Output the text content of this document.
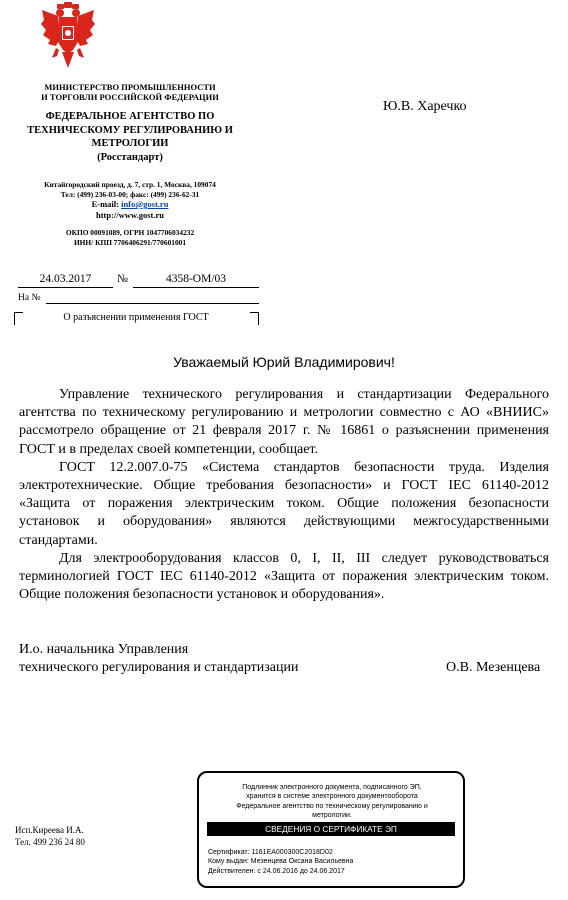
МИНИСТЕРСТВО ПРОМЫШЛЕННОСТИ
И ТОРГОВЛИ РОССИЙСКОЙ ФЕДЕРАЦИИ
ФЕДЕРАЛЬНОЕ АГЕНТСТВО ПО
ТЕХНИЧЕСКОМУ РЕГУЛИРОВАНИЮ И
МЕТРОЛОГИИ
(Росстандарт)
Китайгородский проезд, д. 7, стр. 1, Москва, 109074
Тел: (499) 236-03-00; факс: (499) 236-62-31
E-mail: info@gost.ru
http://www.gost.ru
ОКПО 00091089, ОГРН 1047706034232
ИНН/ КПП 7706406291/770601001
24.03.2017	№	4358-ОМ/03
На №
О разъяснении применения ГОСТ
Ю.В. Харечко
Уважаемый Юрий Владимирович!

Управление технического регулирования и стандартизации Федерального агентства по техническому регулированию и метрологии совместно с АО «ВНИИС» рассмотрело обращение от 21 февраля 2017 г. № 16861 о разъяснении применения ГОСТ и в пределах своей компетенции, сообщает.

ГОСТ 12.2.007.0-75 «Система стандартов безопасности труда. Изделия электротехнические. Общие требования безопасности» и ГОСТ IEC 61140-2012 «Защита от поражения электрическим током. Общие положения безопасности установок и оборудования» являются действующими межгосударственными стандартами.

Для электрооборудования классов 0, I, II, III следует руководствоваться терминологией ГОСТ IEC 61140-2012 «Защита от поражения электрическим током. Общие положения безопасности установок и оборудования».

И.о. начальника Управления
технического регулирования и стандартизации	О.В. Мезенцева
Исп.Киреева И.А.
Тел. 499 236 24 80
Подлинник электронного документа, подписанного ЭП,
хранится в системе электронного документооборота
Федеральное агентство по техническому регулированию и
метрологии.
СВЕДЕНИЯ О СЕРТИФИКАТЕ ЭП
Сертификат: 1161EA000300C2018D02
Кому выдан: Мезенцева Оксана Васильевна
Действителен: с 24.06.2016 до 24.06.2017
